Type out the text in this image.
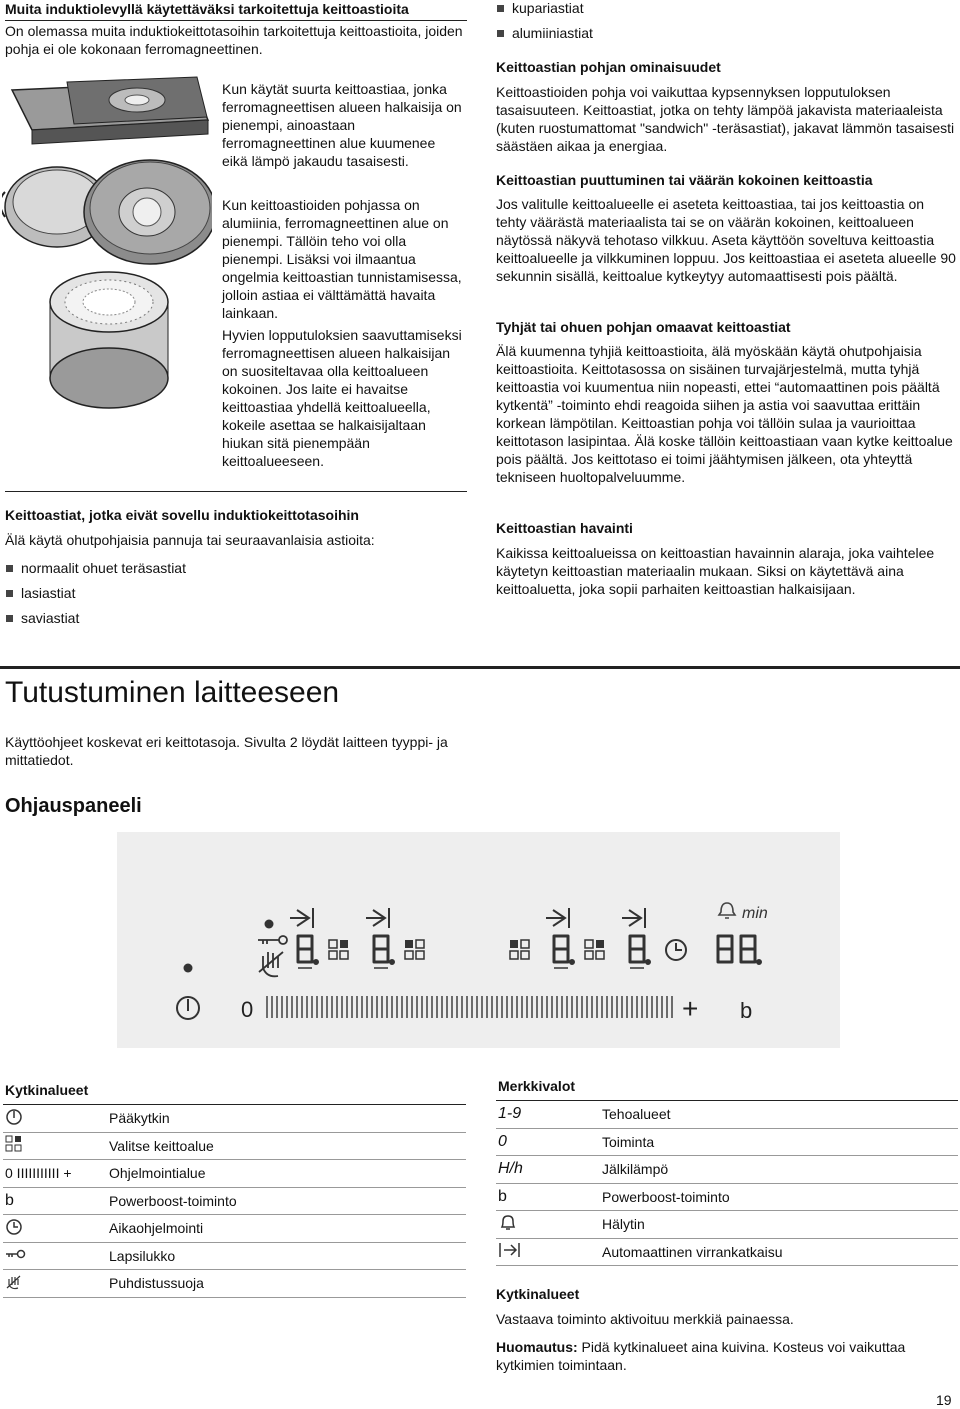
Muita induktiolevyllä käytettäväksi tarkoitettuja keittoastioita
On olemassa muita induktiokeittotasoihin tarkoitettuja keittoastioita, joiden pohja ei ole kokonaan ferromagneettinen.
Kun käytät suurta keittoastiaa, jonka ferromagneettisen alueen halkaisija on pienempi, ainoastaan ferromagneettinen alue kuumenee eikä lämpö jakaudu tasaisesti.
Kun keittoastioiden pohjassa on alumiinia, ferromagneettinen alue on pienempi. Tällöin teho voi olla pienempi. Lisäksi voi ilmaantua ongelmia keittoastian tunnistamisessa, jolloin astiaa ei välttämättä havaita lainkaan.
Hyvien lopputuloksien saavuttamiseksi ferromagneettisen alueen halkaisijan on suositeltavaa olla keittoalueen kokoinen. Jos laite ei havaitse keittoastiaa yhdellä keittoalueella, kokeile asettaa se halkaisijaltaan hiukan sitä pienempään keittoalueeseen.
Keittoastiat, jotka eivät sovellu induktiokeittotasoihin
Älä käytä ohutpohjaisia pannuja tai seuraavanlaisia astioita:
normaalit ohuet teräsastiat
lasiastiat
saviastiat
kupariastiat
alumiiniastiat
Keittoastian pohjan ominaisuudet
Keittoastioiden pohja voi vaikuttaa kypsennyksen lopputuloksen tasaisuuteen. Keittoastiat, jotka on tehty lämpöä jakavista materiaaleista (kuten ruostumattomat "sandwich" -teräsastiat), jakavat lämmön tasaisesti säästäen aikaa ja energiaa.
Keittoastian puuttuminen tai väärän kokoinen keittoastia
Jos valitulle keittoalueelle ei aseteta keittoastiaa, tai jos keittoastia on tehty väärästä materiaalista tai se on väärän kokoinen, keittoalueen näytössä näkyvä tehotaso vilkkuu. Aseta käyttöön soveltuva keittoastia keittoalueelle ja vilkkuminen loppuu. Jos keittoastiaa ei aseteta alueelle 90 sekunnin sisällä, keittoalue kytkeytyy automaattisesti pois päältä.
Tyhjät tai ohuen pohjan omaavat keittoastiat
Älä kuumenna tyhjiä keittoastioita, älä myöskään käytä ohutpohjaisia keittoastioita. Keittotasossa on sisäinen turvajärjestelmä, mutta tyhjä keittoastia voi kuumentua niin nopeasti, ettei “automaattinen pois päältä kytkentä” -toiminto ehdi reagoida siihen ja astia voi saavuttaa erittäin korkean lämpötilan. Keittoastian pohja voi tällöin sulaa ja vaurioittaa keittotason lasipintaa. Älä koske tällöin keittoastiaan vaan kytke keittoalue pois päältä. Jos keittotaso ei toimi jäähtymisen jälkeen, ota yhteyttä tekniseen huoltopalveluumme.
Keittoastian havainti
Kaikissa keittoalueissa on keittoastian havainnin alaraja, joka vaihtelee käytetyn keittoastian materiaalin mukaan. Siksi on käytettävä aina keittoaluetta, joka sopii parhaiten keittoastian halkaisijaan.
Tutustuminen laitteeseen
Käyttöohjeet koskevat eri keittotasoja. Sivulta 2 löydät laitteen tyyppi- ja mittatiedot.
Ohjauspaneeli
min
0	+ b
Kytkinalueet	
	Pääkytkin
	Valitse keittoalue
0 IIIIIIIIIII +	Ohjelmointialue
b	Powerboost-toiminto
	Aikaohjelmointi
	Lapsilukko
	Puhdistussuoja
Merkkivalot	
1-9	Tehoalueet
0	Toiminta
H/h	Jälkilämpö
b	Powerboost-toiminto
	Hälytin
	Automaattinen virrankatkaisu
Kytkinalueet
Vastaava toiminto aktivoituu merkkiä painaessa.
Huomautus: Pidä kytkinalueet aina kuivina. Kosteus voi vaikuttaa kytkimien toimintaan.
19
